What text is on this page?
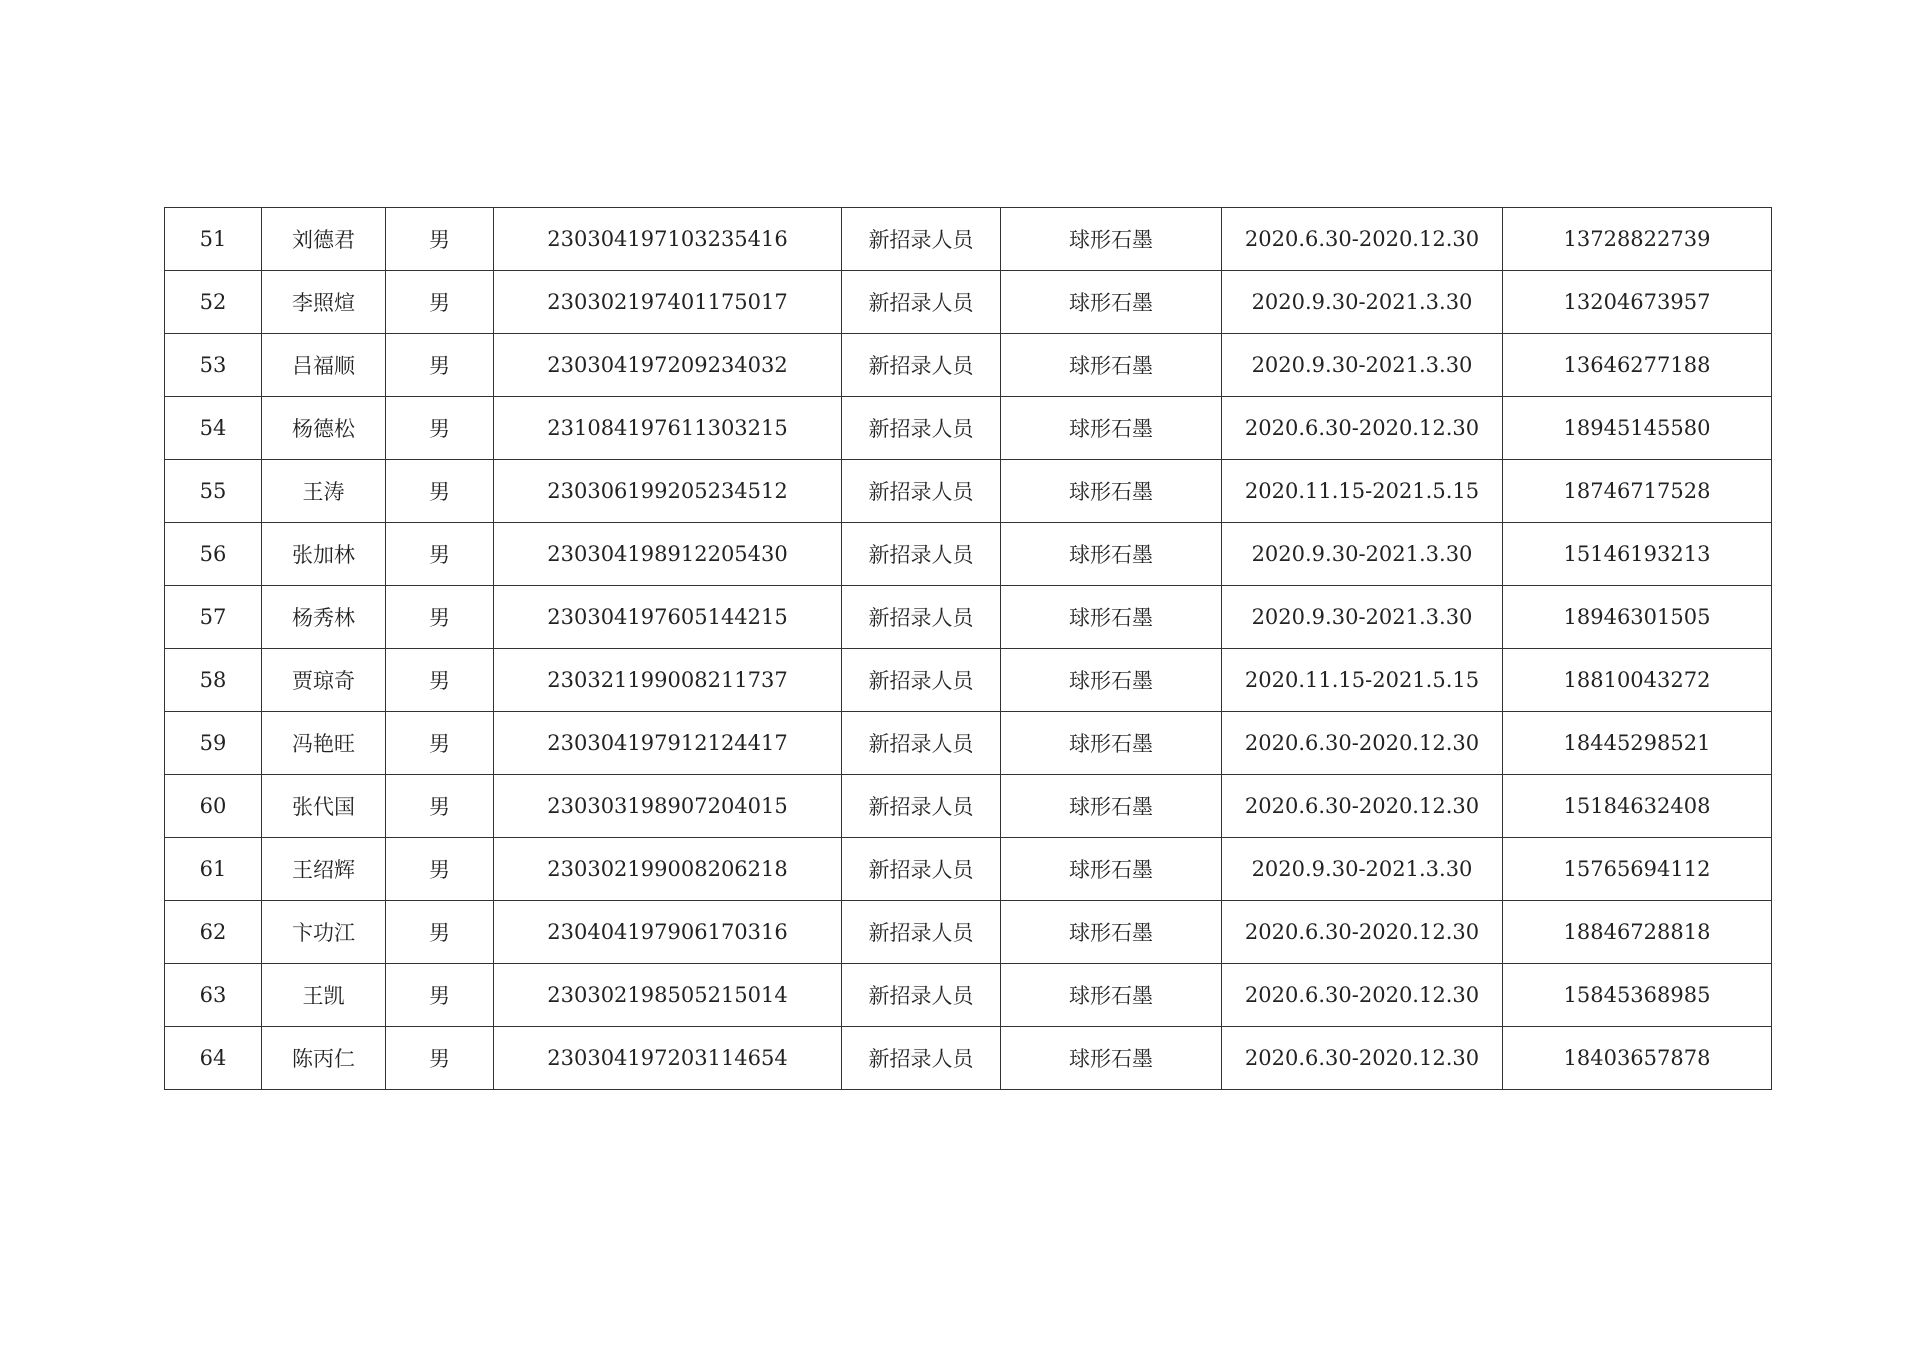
51	刘德君	男	230304197103235416	新招录人员	球形石墨	2020.6.30-2020.12.30	13728822739
52	李照煊	男	230302197401175017	新招录人员	球形石墨	2020.9.30-2021.3.30	13204673957
53	吕福顺	男	230304197209234032	新招录人员	球形石墨	2020.9.30-2021.3.30	13646277188
54	杨德松	男	231084197611303215	新招录人员	球形石墨	2020.6.30-2020.12.30	18945145580
55	王涛	男	230306199205234512	新招录人员	球形石墨	2020.11.15-2021.5.15	18746717528
56	张加林	男	230304198912205430	新招录人员	球形石墨	2020.9.30-2021.3.30	15146193213
57	杨秀林	男	230304197605144215	新招录人员	球形石墨	2020.9.30-2021.3.30	18946301505
58	贾琼奇	男	230321199008211737	新招录人员	球形石墨	2020.11.15-2021.5.15	18810043272
59	冯艳旺	男	230304197912124417	新招录人员	球形石墨	2020.6.30-2020.12.30	18445298521
60	张代国	男	230303198907204015	新招录人员	球形石墨	2020.6.30-2020.12.30	15184632408
61	王绍辉	男	230302199008206218	新招录人员	球形石墨	2020.9.30-2021.3.30	15765694112
62	卞功江	男	230404197906170316	新招录人员	球形石墨	2020.6.30-2020.12.30	18846728818
63	王凯	男	230302198505215014	新招录人员	球形石墨	2020.6.30-2020.12.30	15845368985
64	陈丙仁	男	230304197203114654	新招录人员	球形石墨	2020.6.30-2020.12.30	18403657878
